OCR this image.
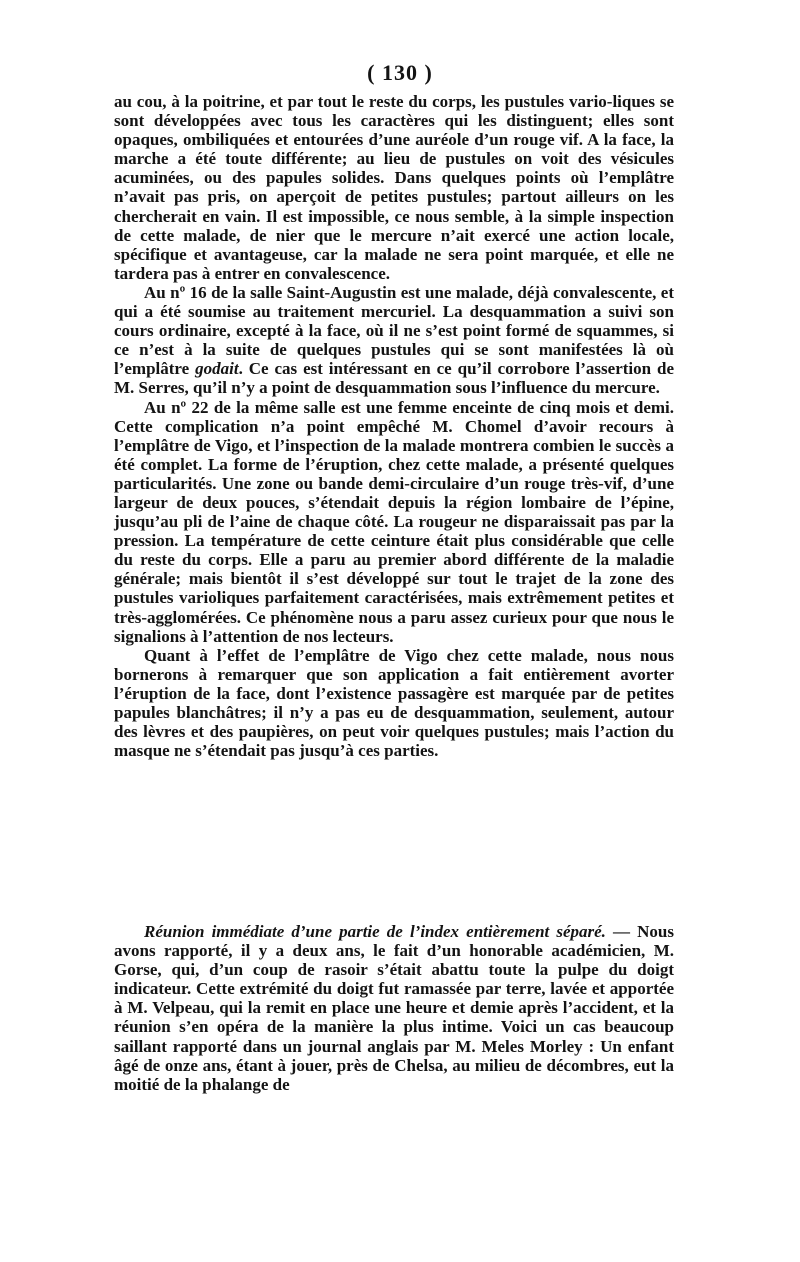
( 130 )

au cou, à la poitrine, et par tout le reste du corps, les pustules vario-liques se sont développées avec tous les caractères qui les distinguent; elles sont opaques, ombiliquées et entourées d’une auréole d’un rouge vif. A la face, la marche a été toute différente; au lieu de pustules on voit des vésicules acuminées, ou des papules solides. Dans quelques points où l’emplâtre n’avait pas pris, on aperçoit de petites pustules; partout ailleurs on les chercherait en vain. Il est impossible, ce nous semble, à la simple inspection de cette malade, de nier que le mercure n’ait exercé une action locale, spécifique et avantageuse, car la malade ne sera point marquée, et elle ne tardera pas à entrer en convalescence.

Au nº 16 de la salle Saint-Augustin est une malade, déjà convalescente, et qui a été soumise au traitement mercuriel. La desquammation a suivi son cours ordinaire, excepté à la face, où il ne s’est point formé de squammes, si ce n’est à la suite de quelques pustules qui se sont manifestées là où l’emplâtre godait. Ce cas est intéressant en ce qu’il corrobore l’assertion de M. Serres, qu’il n’y a point de desquammation sous l’influence du mercure.

Au nº 22 de la même salle est une femme enceinte de cinq mois et demi. Cette complication n’a point empêché M. Chomel d’avoir recours à l’emplâtre de Vigo, et l’inspection de la malade montrera combien le succès a été complet. La forme de l’éruption, chez cette malade, a présenté quelques particularités. Une zone ou bande demi-circulaire d’un rouge très-vif, d’une largeur de deux pouces, s’étendait depuis la région lombaire de l’épine, jusqu’au pli de l’aine de chaque côté. La rougeur ne disparaissait pas par la pression. La température de cette ceinture était plus considérable que celle du reste du corps. Elle a paru au premier abord différente de la maladie générale; mais bientôt il s’est développé sur tout le trajet de la zone des pustules varioliques parfaitement caractérisées, mais extrêmement petites et très-agglomérées. Ce phénomène nous a paru assez curieux pour que nous le signalions à l’attention de nos lecteurs.

Quant à l’effet de l’emplâtre de Vigo chez cette malade, nous nous bornerons à remarquer que son application a fait entièrement avorter l’éruption de la face, dont l’existence passagère est marquée par de petites papules blanchâtres; il n’y a pas eu de desquammation, seulement, autour des lèvres et des paupières, on peut voir quelques pustules; mais l’action du masque ne s’étendait pas jusqu’à ces parties.

Réunion immédiate d’une partie de l’index entièrement séparé. — Nous avons rapporté, il y a deux ans, le fait d’un honorable académicien, M. Gorse, qui, d’un coup de rasoir s’était abattu toute la pulpe du doigt indicateur. Cette extrémité du doigt fut ramassée par terre, lavée et apportée à M. Velpeau, qui la remit en place une heure et demie après l’accident, et la réunion s’en opéra de la manière la plus intime. Voici un cas beaucoup saillant rapporté dans un journal anglais par M. Meles Morley : Un enfant âgé de onze ans, étant à jouer, près de Chelsa, au milieu de décombres, eut la moitié de la phalange de
